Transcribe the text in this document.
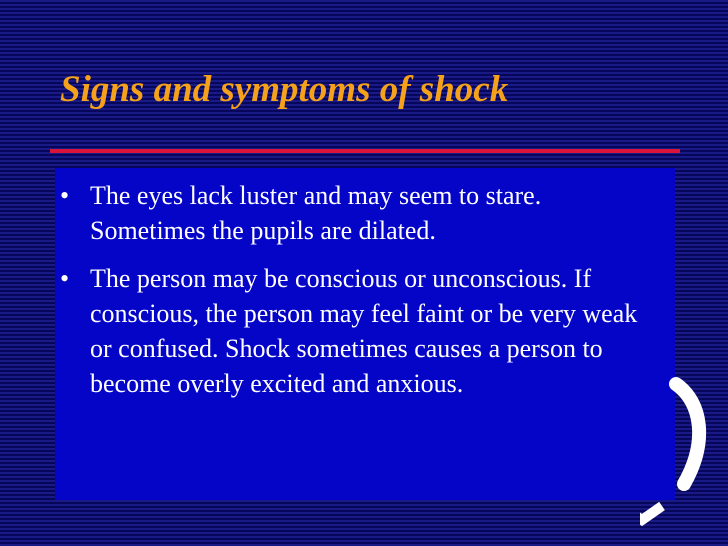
Signs and symptoms of shock
• The eyes lack luster and may seem to stare. Sometimes the pupils are dilated.
• The person may be conscious or unconscious. If conscious, the person may feel faint or be very weak or confused. Shock sometimes causes a person to become overly excited and anxious.
